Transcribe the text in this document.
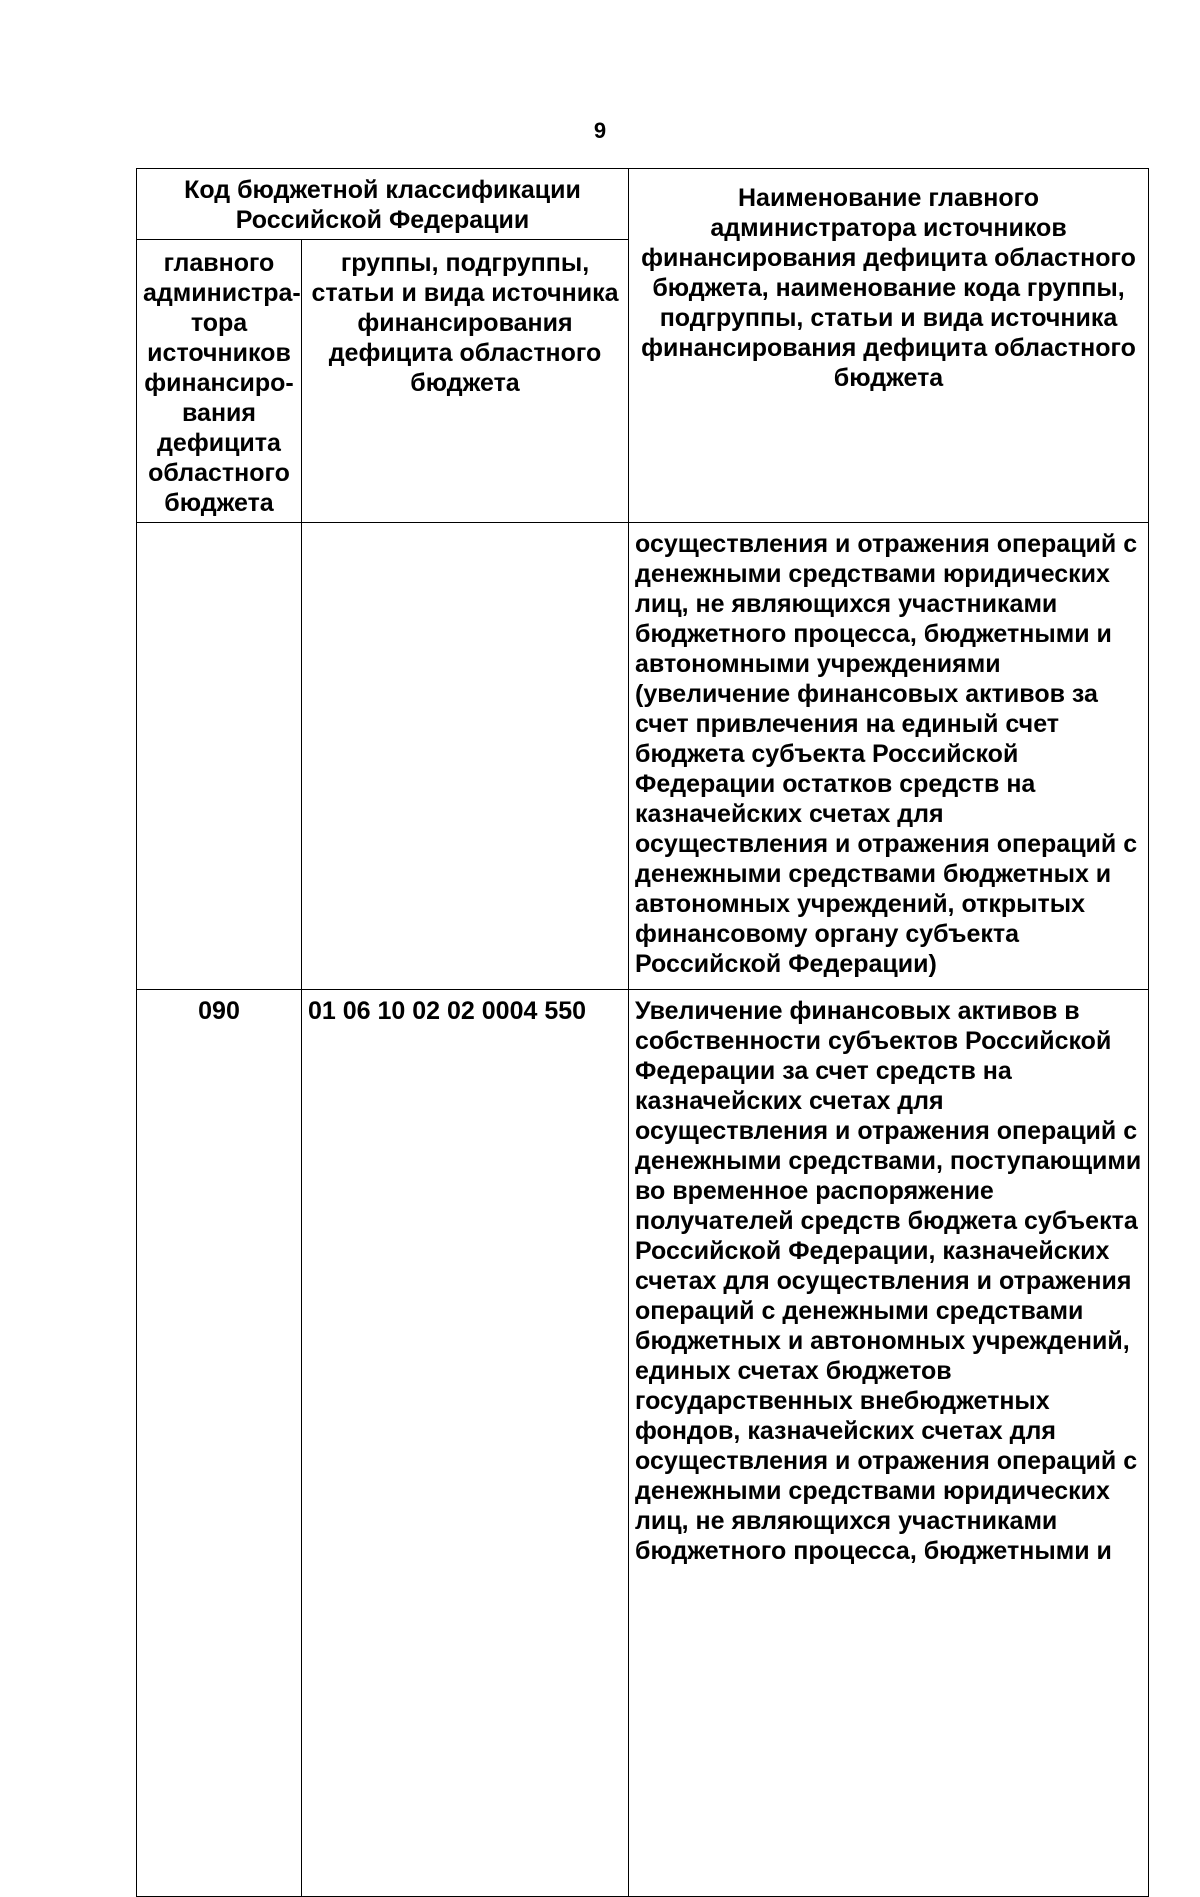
9
Код бюджетной классификации Российской Федерации		Наименование главного администратора источников финансирования дефицита областного бюджета, наименование кода группы, подгруппы, статьи и вида источника финансирования дефицита областного бюджета
главного администра-тора источников финансиро-вания дефицита областного бюджета	группы, подгруппы, статьи и вида источника финансирования дефицита областного бюджета	
		осуществления и отражения операций с денежными средствами юридических лиц, не являющихся участниками бюджетного процесса, бюджетными и автономными учреждениями (увеличение финансовых активов за счет привлечения на единый счет бюджета субъекта Российской Федерации остатков средств на казначейских счетах для осуществления и отражения операций с денежными средствами бюджетных и автономных учреждений, открытых финансовому органу субъекта Российской Федерации)
090	01 06 10 02 02 0004 550	Увеличение финансовых активов в собственности субъектов Российской Федерации за счет средств на казначейских счетах для осуществления и отражения операций с денежными средствами, поступающими во временное распоряжение получателей средств бюджета субъекта Российской Федерации, казначейских счетах для осуществления и отражения операций с денежными средствами бюджетных и автономных учреждений, единых счетах бюджетов государственных внебюджетных фондов, казначейских счетах для осуществления и отражения операций с денежными средствами юридических лиц, не являющихся участниками бюджетного процесса, бюджетными и
